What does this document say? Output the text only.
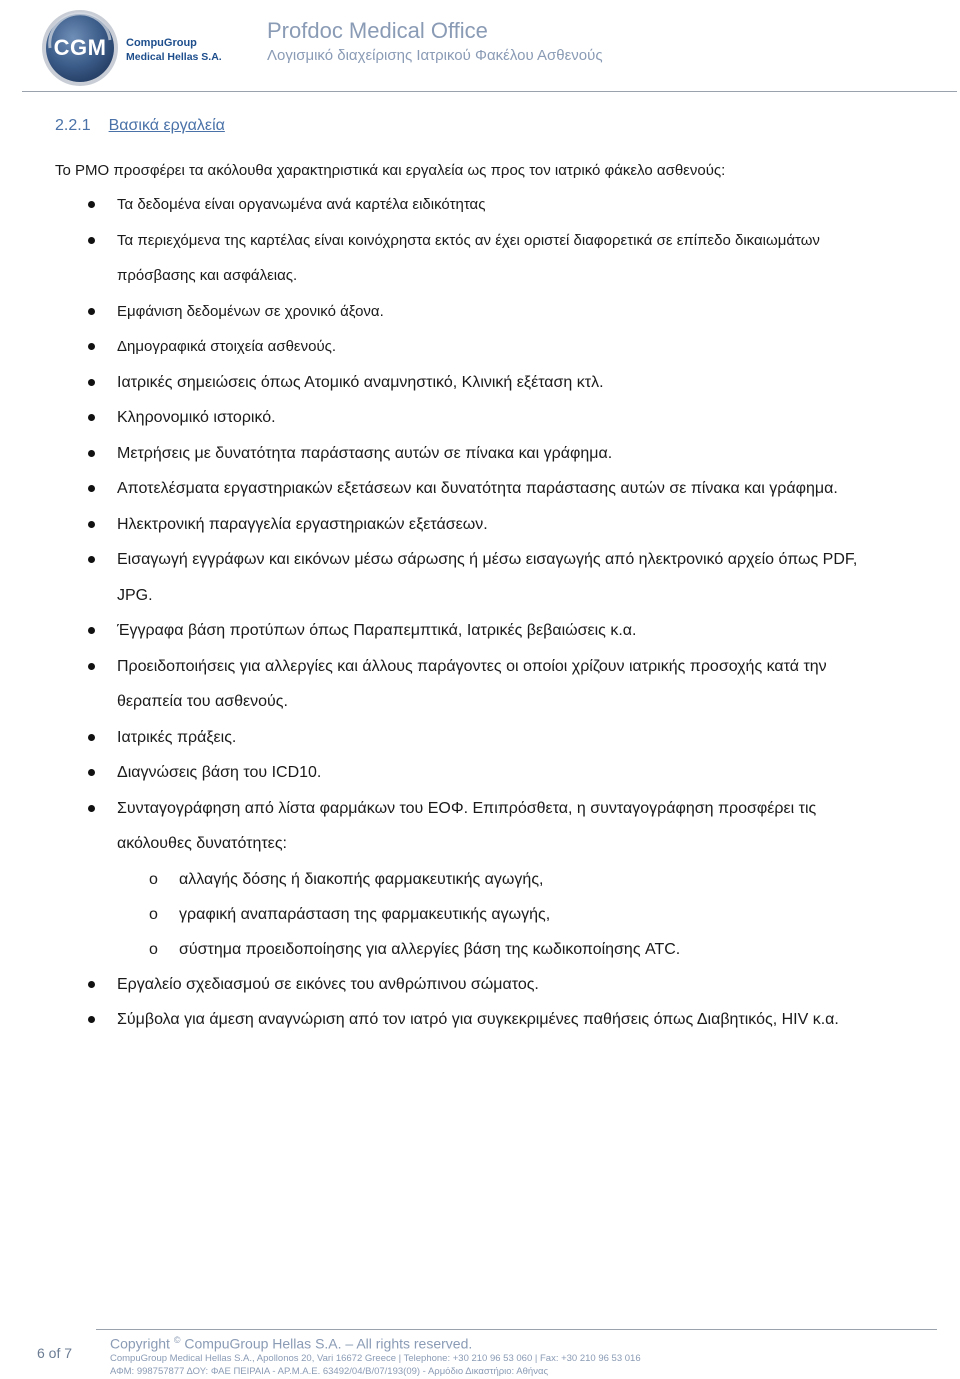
CGM	CompuGroup
Medical Hellas S.A.
Profdoc Medical Office
Λογισμικό διαχείρισης Ιατρικού Φακέλου Ασθενούς
2.2.1 Βασικά εργαλεία
Το PMO προσφέρει τα ακόλουθα χαρακτηριστικά και εργαλεία ως προς τον ιατρικό φάκελο ασθενούς:
Τα δεδομένα είναι οργανωμένα ανά καρτέλα ειδικότητας
Τα περιεχόμενα της καρτέλας είναι κοινόχρηστα εκτός αν έχει οριστεί διαφορετικά σε επίπεδο δικαιωμάτων πρόσβασης και ασφάλειας.
Εμφάνιση δεδομένων σε χρονικό άξονα.
Δημογραφικά στοιχεία ασθενούς.
Ιατρικές σημειώσεις όπως Ατομικό αναμνηστικό, Κλινική εξέταση κτλ.
Κληρονομικό ιστορικό.
Μετρήσεις με δυνατότητα παράστασης αυτών σε πίνακα και γράφημα.
Αποτελέσματα εργαστηριακών εξετάσεων και δυνατότητα παράστασης αυτών σε πίνακα και γράφημα.
Ηλεκτρονική παραγγελία εργαστηριακών εξετάσεων.
Εισαγωγή εγγράφων και εικόνων μέσω σάρωσης ή μέσω εισαγωγής από ηλεκτρονικό αρχείο όπως PDF, JPG.
Έγγραφα βάση προτύπων όπως Παραπεμπτικά, Ιατρικές βεβαιώσεις κ.α.
Προειδοποιήσεις για αλλεργίες και άλλους παράγοντες οι οποίοι χρίζουν ιατρικής προσοχής κατά την θεραπεία του ασθενούς.
Ιατρικές πράξεις.
Διαγνώσεις βάση του ICD10.
Συνταγογράφηση από λίστα φαρμάκων του ΕΟΦ. Επιπρόσθετα, η συνταγογράφηση προσφέρει τις ακόλουθες δυνατότητες:
o αλλαγής δόσης ή διακοπής φαρμακευτικής αγωγής,
o γραφική αναπαράσταση της φαρμακευτικής αγωγής,
o σύστημα προειδοποίησης για αλλεργίες βάση της κωδικοποίησης ATC.
Εργαλείο σχεδιασμού σε εικόνες του ανθρώπινου σώματος.
Σύμβολα για άμεση αναγνώριση από τον ιατρό για συγκεκριμένες παθήσεις όπως Διαβητικός, HIV κ.α.
6 of 7
Copyright © CompuGroup Hellas S.A. – All rights reserved.
CompuGroup Medical Hellas S.A., Apollonos 20, Vari 16672 Greece | Telephone: +30 210 96 53 060 | Fax: +30 210 96 53 016
ΑΦΜ: 998757877 ΔΟΥ: ΦΑΕ ΠΕΙΡΑΙΑ - ΑΡ.Μ.Α.Ε. 63492/04/Β/07/193(09) - Αρμόδιο Δικαστήριο: Αθήνας
